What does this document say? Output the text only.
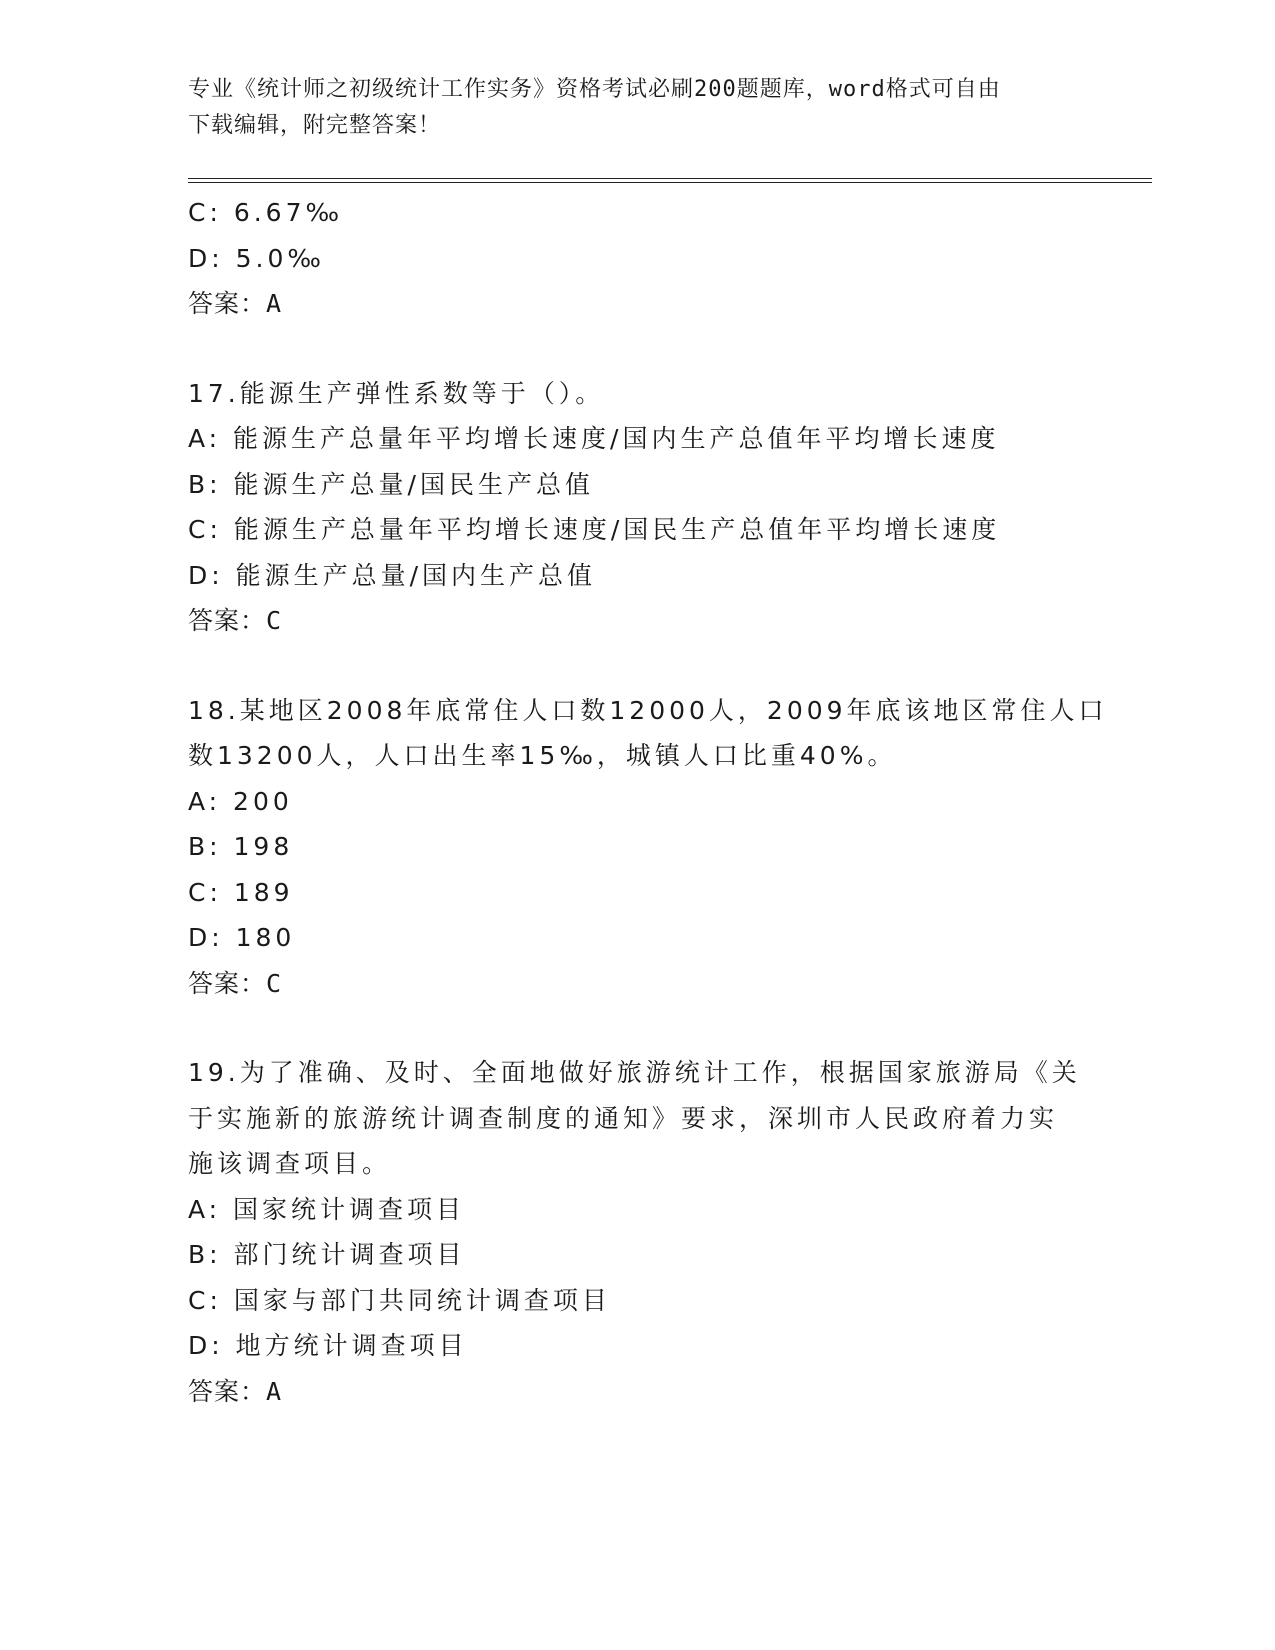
专业《统计师之初级统计工作实务》资格考试必刷200题题库，word格式可自由
下载编辑，附完整答案！
C: 6.67‰
D: 5.0‰
答案：A
17.能源生产弹性系数等于（）。
A: 能源生产总量年平均增长速度/国内生产总值年平均增长速度
B: 能源生产总量/国民生产总值
C: 能源生产总量年平均增长速度/国民生产总值年平均增长速度
D: 能源生产总量/国内生产总值
答案：C
18.某地区2008年底常住人口数12000人，2009年底该地区常住人口
数13200人，人口出生率15‰，城镇人口比重40%。
A: 200
B: 198
C: 189
D: 180
答案：C
19.为了准确、及时、全面地做好旅游统计工作，根据国家旅游局《关
于实施新的旅游统计调查制度的通知》要求，深圳市人民政府着力实
施该调查项目。
A: 国家统计调查项目
B: 部门统计调查项目
C: 国家与部门共同统计调查项目
D: 地方统计调查项目
答案：A
